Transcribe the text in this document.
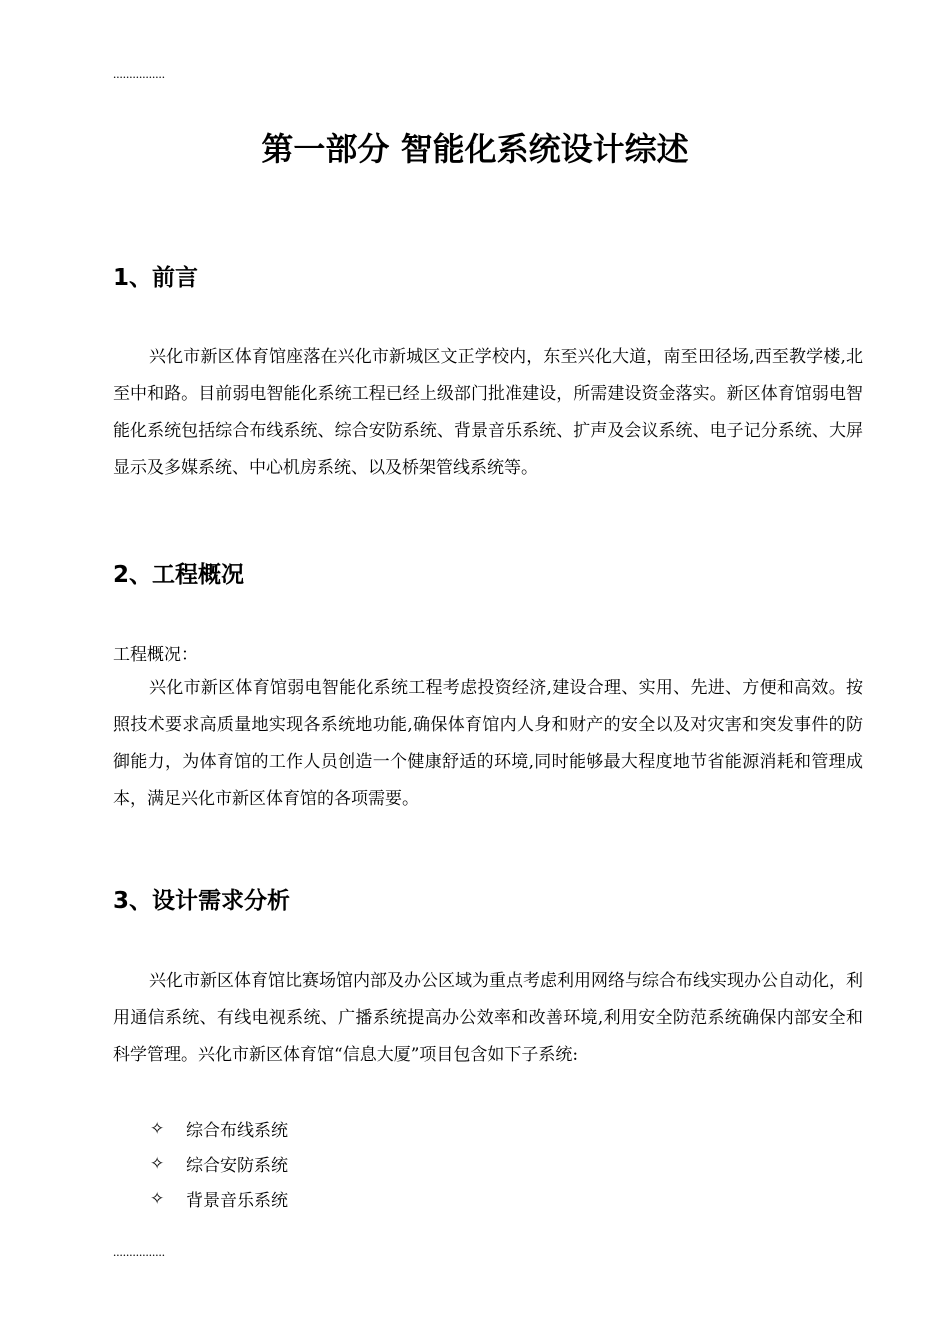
................
第一部分 智能化系统设计综述
1、前言

兴化市新区体育馆座落在兴化市新城区文正学校内，东至兴化大道，南至田径场,西至教学楼,北至中和路。目前弱电智能化系统工程已经上级部门批准建设，所需建设资金落实。新区体育馆弱电智能化系统包括综合布线系统、综合安防系统、背景音乐系统、扩声及会议系统、电子记分系统、大屏显示及多媒系统、中心机房系统、以及桥架管线系统等。

2、工程概况
工程概况：

兴化市新区体育馆弱电智能化系统工程考虑投资经济,建设合理、实用、先进、方便和高效。按照技术要求高质量地实现各系统地功能,确保体育馆内人身和财产的安全以及对灾害和突发事件的防御能力，为体育馆的工作人员创造一个健康舒适的环境,同时能够最大程度地节省能源消耗和管理成本，满足兴化市新区体育馆的各项需要。

3、设计需求分析

兴化市新区体育馆比赛场馆内部及办公区域为重点考虑利用网络与综合布线实现办公自动化，利用通信系统、有线电视系统、广播系统提高办公效率和改善环境,利用安全防范系统确保内部安全和科学管理。兴化市新区体育馆“信息大厦”项目包含如下子系统:

✧	综合布线系统
✧	综合安防系统
✧	背景音乐系统
................
